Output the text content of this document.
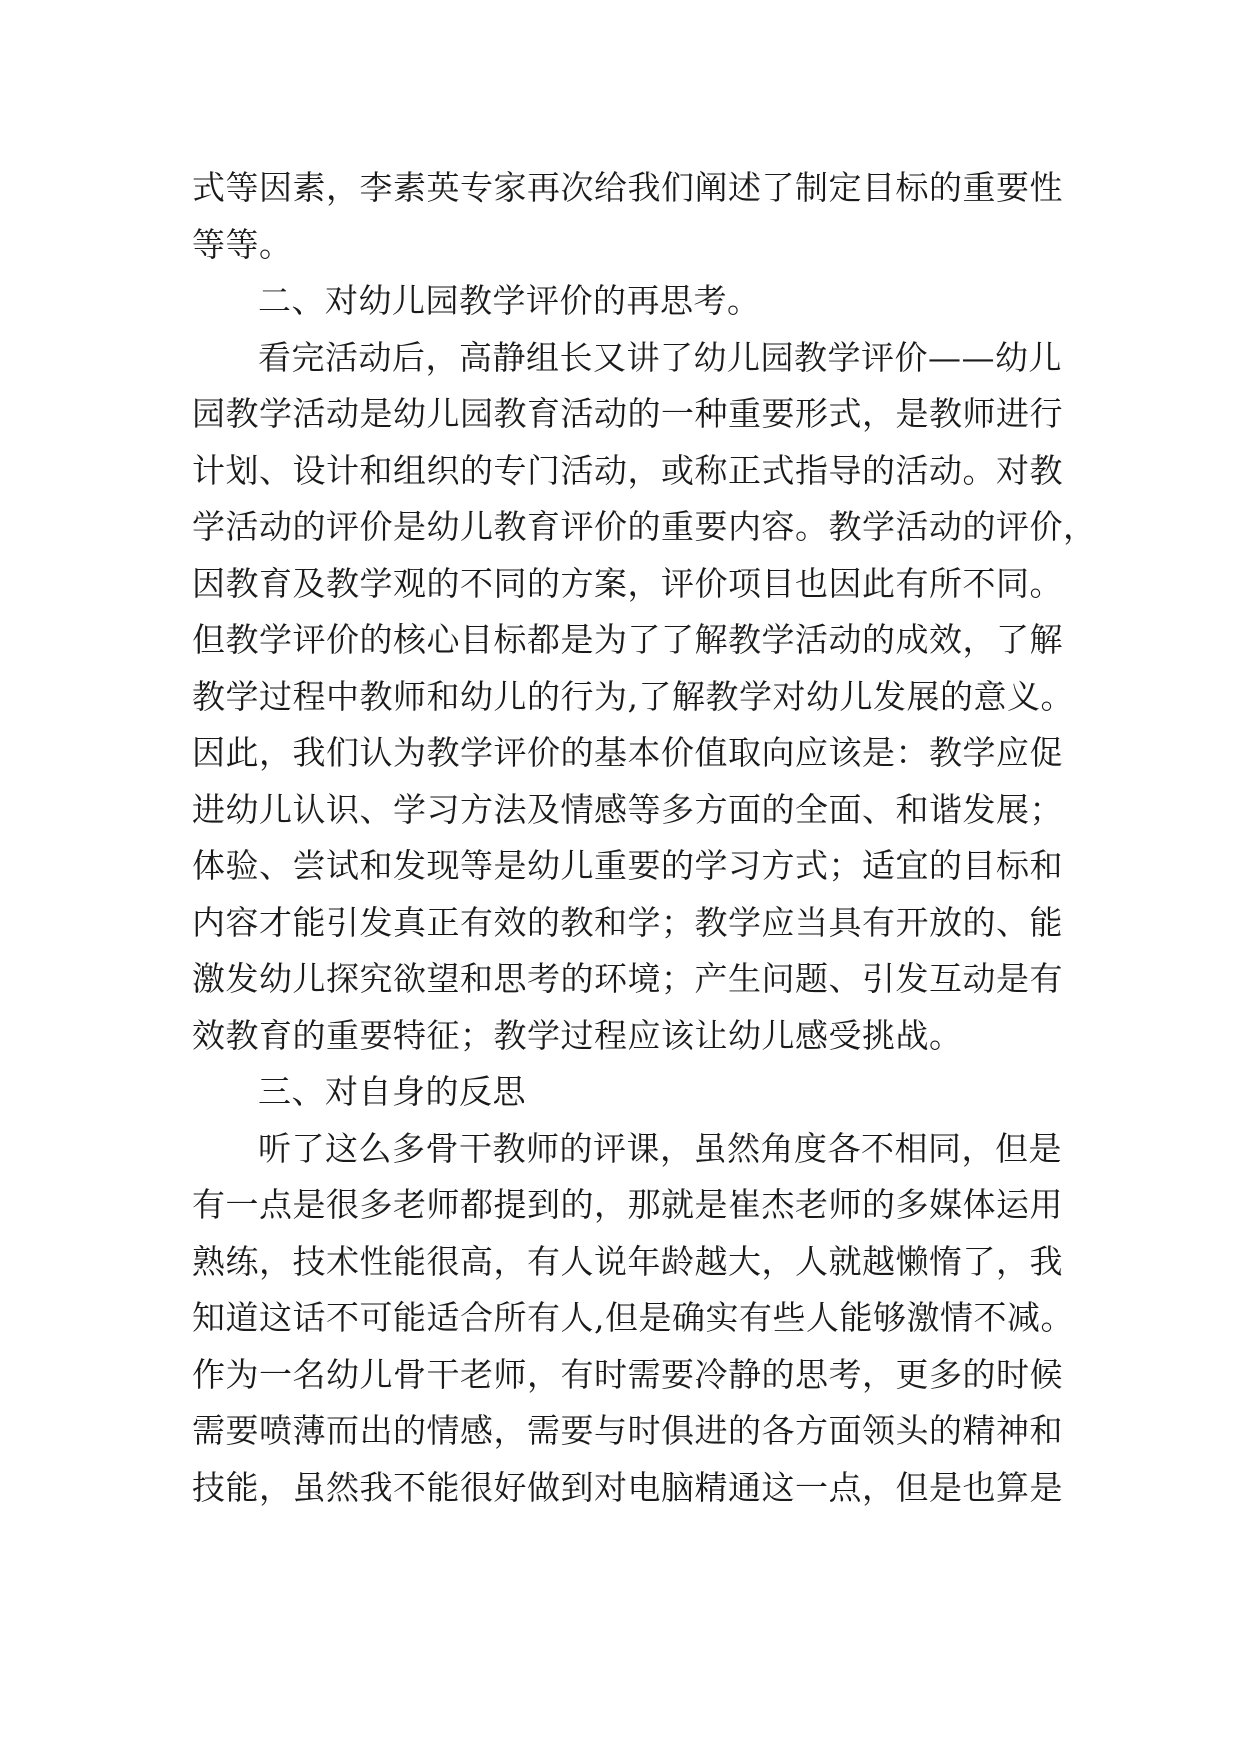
式等因素，李素英专家再次给我们阐述了制定目标的重要性
等等。
二、对幼儿园教学评价的再思考。
看完活动后，高静组长又讲了幼儿园教学评价——幼儿
园教学活动是幼儿园教育活动的一种重要形式，是教师进行
计划、设计和组织的专门活动，或称正式指导的活动。对教
学活动的评价是幼儿教育评价的重要内容。教学活动的评价，
因教育及教学观的不同的方案，评价项目也因此有所不同。
但教学评价的核心目标都是为了了解教学活动的成效，了解
教学过程中教师和幼儿的行为,了解教学对幼儿发展的意义。
因此，我们认为教学评价的基本价值取向应该是：教学应促
进幼儿认识、学习方法及情感等多方面的全面、和谐发展；
体验、尝试和发现等是幼儿重要的学习方式；适宜的目标和
内容才能引发真正有效的教和学；教学应当具有开放的、能
激发幼儿探究欲望和思考的环境；产生问题、引发互动是有
效教育的重要特征；教学过程应该让幼儿感受挑战。
三、对自身的反思
听了这么多骨干教师的评课，虽然角度各不相同，但是
有一点是很多老师都提到的，那就是崔杰老师的多媒体运用
熟练，技术性能很高，有人说年龄越大，人就越懒惰了，我
知道这话不可能适合所有人,但是确实有些人能够激情不减。
作为一名幼儿骨干老师，有时需要冷静的思考，更多的时候
需要喷薄而出的情感，需要与时俱进的各方面领头的精神和
技能，虽然我不能很好做到对电脑精通这一点，但是也算是
